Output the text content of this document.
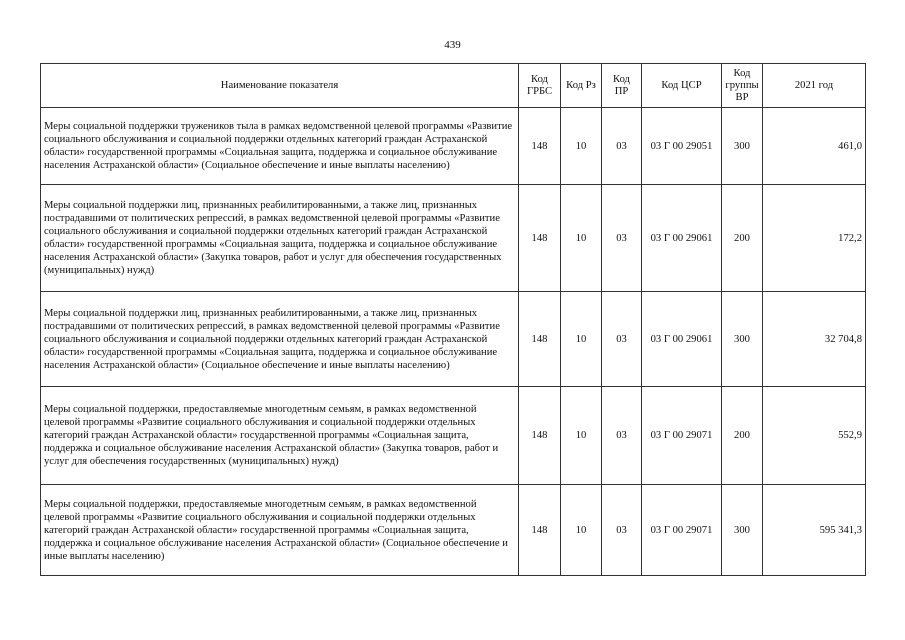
439
Наименование показателя	Код ГРБС	Код Рз	Код ПР	Код ЦСР	Код группы ВР	2021 год
Меры социальной поддержки тружеников тыла в рамках ведомственной целевой программы «Развитие социального обслуживания и социальной поддержки отдельных категорий граждан Астраханской области» государственной программы «Социальная защита, поддержка и социальное обслуживание населения Астраханской области» (Социальное обеспечение и иные выплаты населению)	148	10	03	03 Г 00 29051	300	461,0
Меры социальной поддержки лиц, признанных реабилитированными, а также лиц, признанных пострадавшими от политических репрессий, в рамках ведомственной целевой программы «Развитие социального обслуживания и социальной поддержки отдельных категорий граждан Астраханской области» государственной программы «Социальная защита, поддержка и социальное обслуживание населения Астраханской области» (Закупка товаров, работ и услуг для обеспечения государственных (муниципальных) нужд)	148	10	03	03 Г 00 29061	200	172,2
Меры социальной поддержки лиц, признанных реабилитированными, а также лиц, признанных пострадавшими от политических репрессий, в рамках ведомственной целевой программы «Развитие социального обслуживания и социальной поддержки отдельных категорий граждан Астраханской области» государственной программы «Социальная защита, поддержка и социальное обслуживание населения Астраханской области» (Социальное обеспечение и иные выплаты населению)	148	10	03	03 Г 00 29061	300	32 704,8
Меры социальной поддержки, предоставляемые многодетным семьям, в рамках ведомственной целевой программы «Развитие социального обслуживания и социальной поддержки отдельных категорий граждан Астраханской области» государственной программы «Социальная защита, поддержка и социальное обслуживание населения Астраханской области» (Закупка товаров, работ и услуг для обеспечения государственных (муниципальных) нужд)	148	10	03	03 Г 00 29071	200	552,9
Меры социальной поддержки, предоставляемые многодетным семьям, в рамках ведомственной целевой программы «Развитие социального обслуживания и социальной поддержки отдельных категорий граждан Астраханской области» государственной программы «Социальная защита, поддержка и социальное обслуживание населения Астраханской области» (Социальное обеспечение и иные выплаты населению)	148	10	03	03 Г 00 29071	300	595 341,3
